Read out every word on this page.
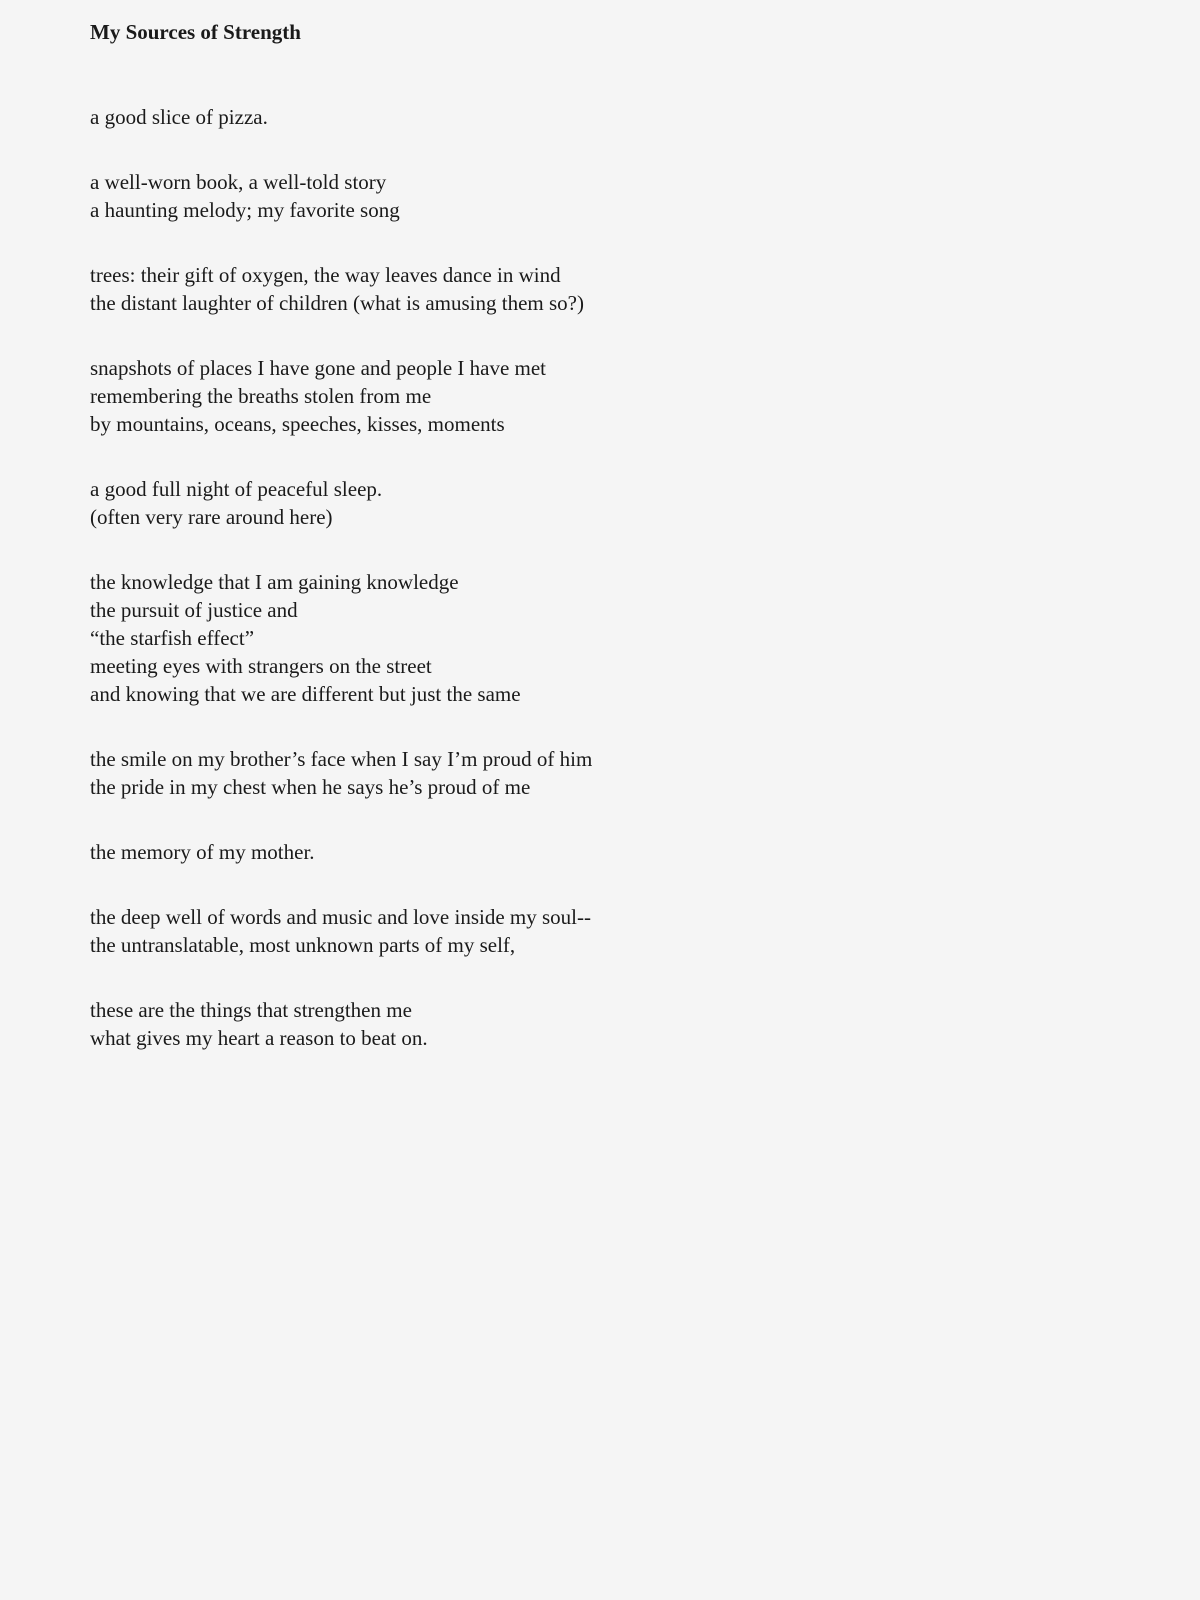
My Sources of Strength
a good slice of pizza.
a well-worn book, a well-told story
a haunting melody; my favorite song
trees: their gift of oxygen, the way leaves dance in wind
the distant laughter of children (what is amusing them so?)
snapshots of places I have gone and people I have met
remembering the breaths stolen from me
by mountains, oceans, speeches, kisses, moments
a good full night of peaceful sleep.
(often very rare around here)
the knowledge that I am gaining knowledge
the pursuit of justice and
“the starfish effect”
meeting eyes with strangers on the street
and knowing that we are different but just the same
the smile on my brother’s face when I say I’m proud of him
the pride in my chest when he says he’s proud of me
the memory of my mother.
the deep well of words and music and love inside my soul--
the untranslatable, most unknown parts of my self,
these are the things that strengthen me
what gives my heart a reason to beat on.
